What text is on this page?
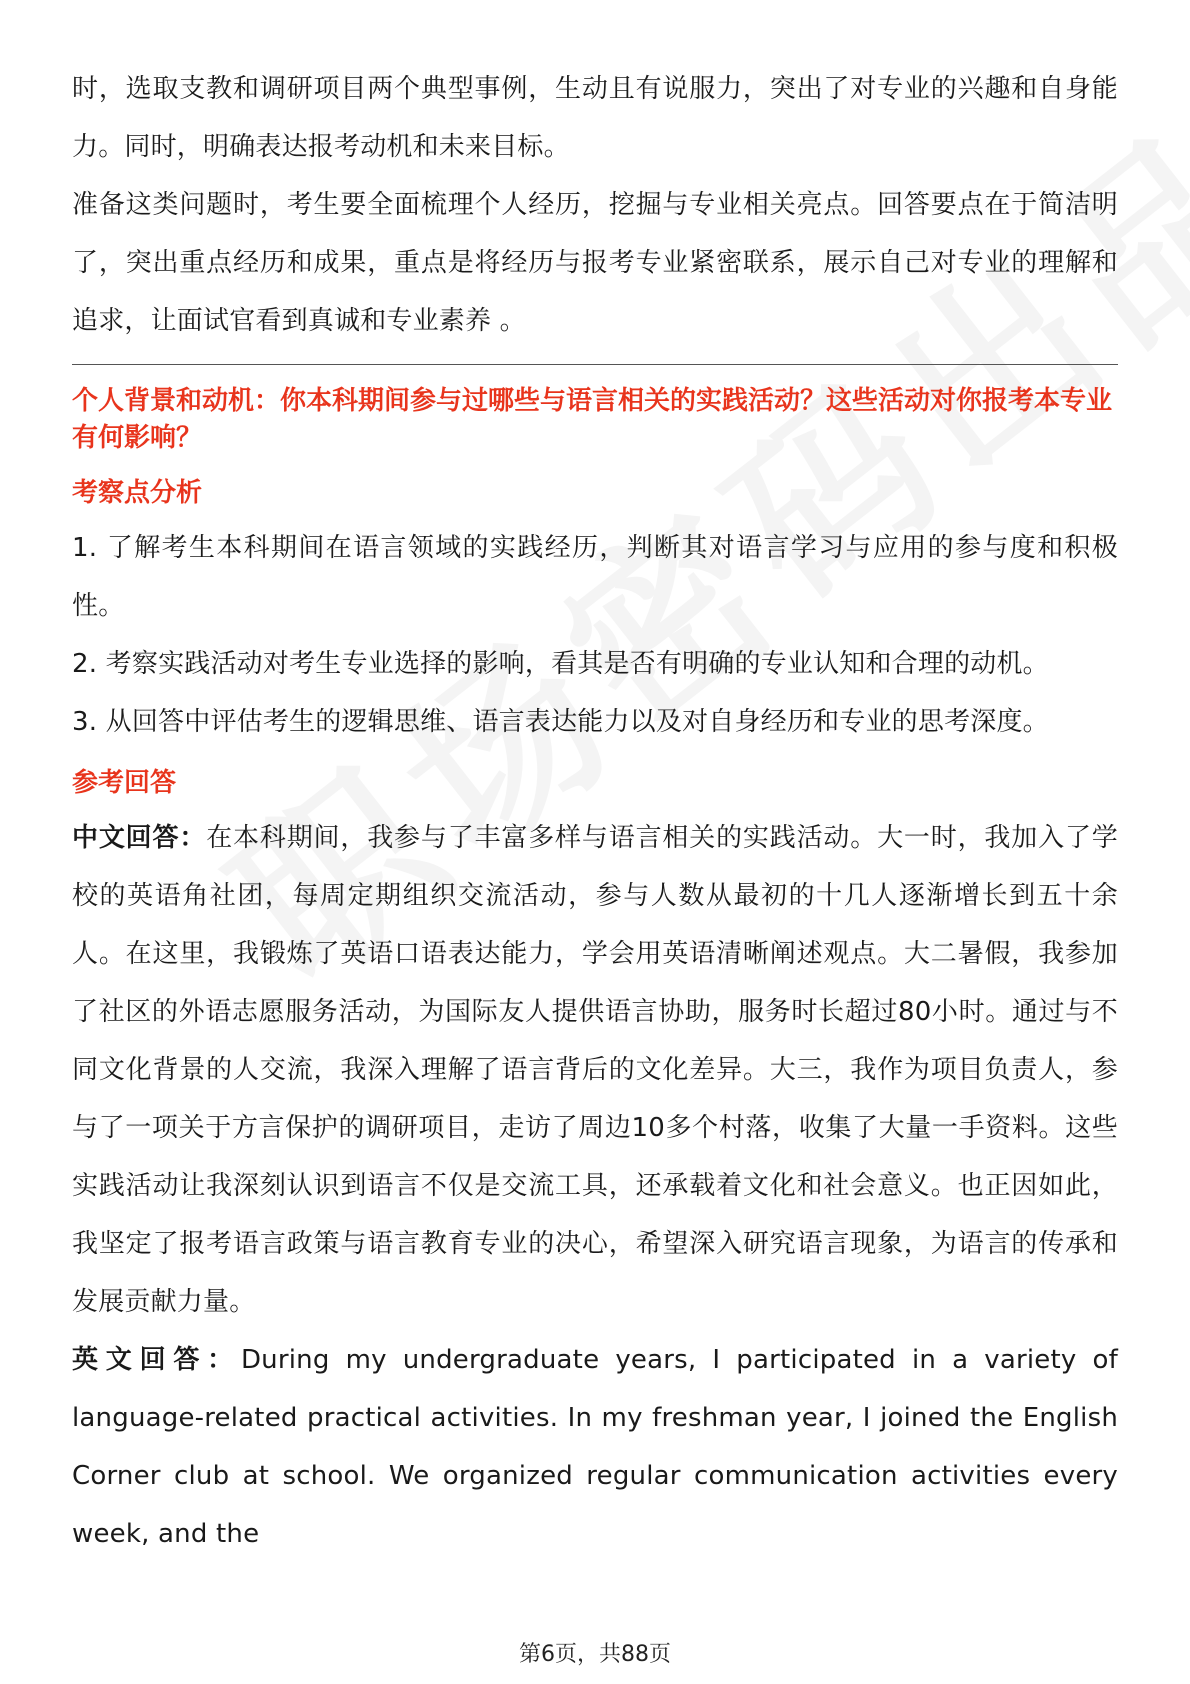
时，选取支教和调研项目两个典型事例，生动且有说服力，突出了对专业的兴趣和自身能力。同时，明确表达报考动机和未来目标。

准备这类问题时，考生要全面梳理个人经历，挖掘与专业相关亮点。回答要点在于简洁明了，突出重点经历和成果，重点是将经历与报考专业紧密联系，展示自己对专业的理解和追求，让面试官看到真诚和专业素养 。

个人背景和动机：你本科期间参与过哪些与语言相关的实践活动？这些活动对你报考本专业有何影响？

考察点分析

1. 了解考生本科期间在语言领域的实践经历，判断其对语言学习与应用的参与度和积极性。

2. 考察实践活动对考生专业选择的影响，看其是否有明确的专业认知和合理的动机。

3. 从回答中评估考生的逻辑思维、语言表达能力以及对自身经历和专业的思考深度。

参考回答

中文回答：在本科期间，我参与了丰富多样与语言相关的实践活动。大一时，我加入了学校的英语角社团，每周定期组织交流活动，参与人数从最初的十几人逐渐增长到五十余人。在这里，我锻炼了英语口语表达能力，学会用英语清晰阐述观点。大二暑假，我参加了社区的外语志愿服务活动，为国际友人提供语言协助，服务时长超过80小时。通过与不同文化背景的人交流，我深入理解了语言背后的文化差异。大三，我作为项目负责人，参与了一项关于方言保护的调研项目，走访了周边10多个村落，收集了大量一手资料。这些实践活动让我深刻认识到语言不仅是交流工具，还承载着文化和社会意义。也正因如此，我坚定了报考语言政策与语言教育专业的决心，希望深入研究语言现象，为语言的传承和发展贡献力量。

英文回答：During my undergraduate years, I participated in a variety of language-related practical activities. In my freshman year, I joined the English Corner club at school. We organized regular communication activities every week, and the

第6页，共88页
